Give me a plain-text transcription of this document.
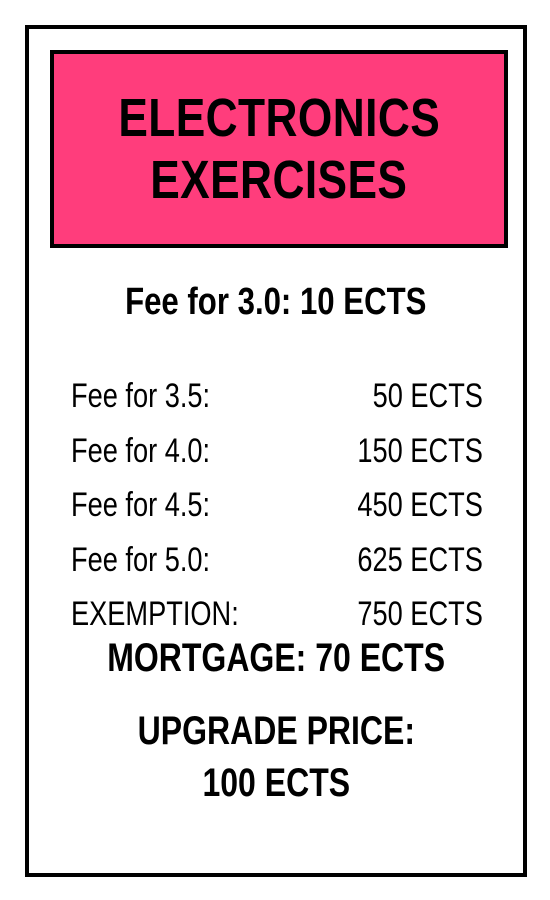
ELECTRONICS
EXERCISES
Fee for 3.0: 10 ECTS
Fee for 3.5:	50 ECTS
Fee for 4.0:	150 ECTS
Fee for 4.5:	450 ECTS
Fee for 5.0:	625 ECTS
EXEMPTION:	750 ECTS
MORTGAGE: 70 ECTS
UPGRADE PRICE:
100 ECTS
